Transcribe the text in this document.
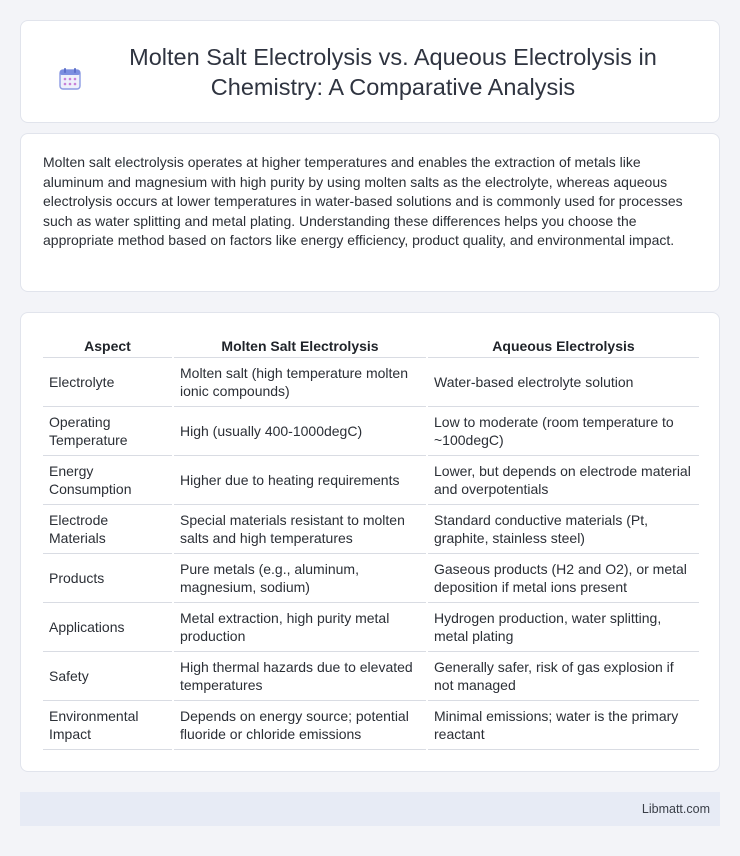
Molten Salt Electrolysis vs. Aqueous Electrolysis in Chemistry: A Comparative Analysis

Molten salt electrolysis operates at higher temperatures and enables the extraction of metals like aluminum and magnesium with high purity by using molten salts as the electrolyte, whereas aqueous electrolysis occurs at lower temperatures in water-based solutions and is commonly used for processes such as water splitting and metal plating. Understanding these differences helps you choose the appropriate method based on factors like energy efficiency, product quality, and environmental impact.

Aspect	Molten Salt Electrolysis	Aqueous Electrolysis
Electrolyte	Molten salt (high temperature molten ionic compounds)	Water-based electrolyte solution
Operating Temperature	High (usually 400-1000degC)	Low to moderate (room temperature to ~100degC)
Energy Consumption	Higher due to heating requirements	Lower, but depends on electrode material and overpotentials
Electrode Materials	Special materials resistant to molten salts and high temperatures	Standard conductive materials (Pt, graphite, stainless steel)
Products	Pure metals (e.g., aluminum, magnesium, sodium)	Gaseous products (H2 and O2), or metal deposition if metal ions present
Applications	Metal extraction, high purity metal production	Hydrogen production, water splitting, metal plating
Safety	High thermal hazards due to elevated temperatures	Generally safer, risk of gas explosion if not managed
Environmental Impact	Depends on energy source; potential fluoride or chloride emissions	Minimal emissions; water is the primary reactant
Libmatt.com
